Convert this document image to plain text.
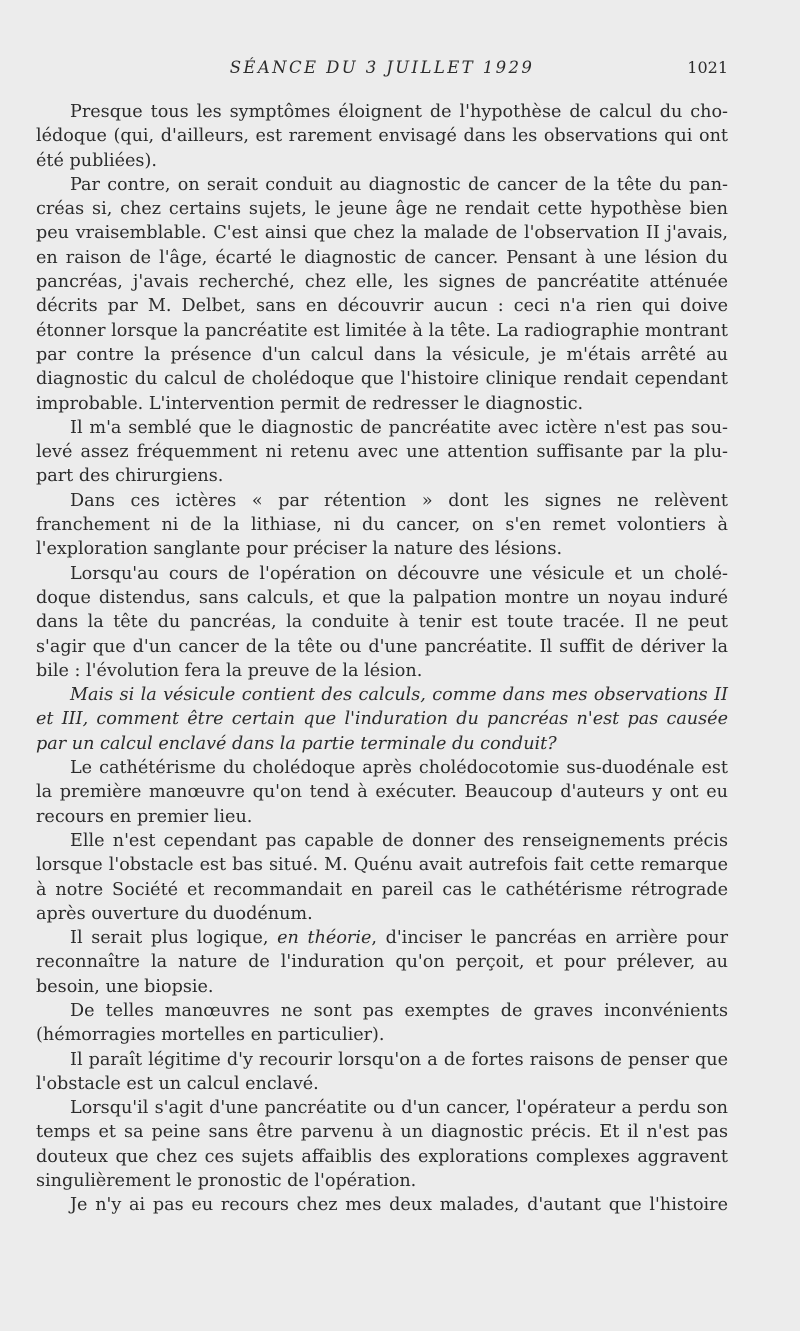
SÉANCE DU 3 JUILLET 1929	1021

Presque tous les symptômes éloignent de l'hypothèse de calcul du cholédoque (qui, d'ailleurs, est rarement envisagé dans les observations qui ont été publiées).

Par contre, on serait conduit au diagnostic de cancer de la tête du pancréas si, chez certains sujets, le jeune âge ne rendait cette hypothèse bien peu vraisemblable. C'est ainsi que chez la malade de l'observation II j'avais, en raison de l'âge, écarté le diagnostic de cancer. Pensant à une lésion du pancréas, j'avais recherché, chez elle, les signes de pancréatite atténuée décrits par M. Delbet, sans en découvrir aucun : ceci n'a rien qui doive étonner lorsque la pancréatite est limitée à la tête. La radiographie montrant par contre la présence d'un calcul dans la vésicule, je m'étais arrêté au diagnostic du calcul de cholédoque que l'histoire clinique rendait cependant improbable. L'intervention permit de redresser le diagnostic.

Il m'a semblé que le diagnostic de pancréatite avec ictère n'est pas soulevé assez fréquemment ni retenu avec une attention suffisante par la plupart des chirurgiens.

Dans ces ictères « par rétention » dont les signes ne relèvent franchement ni de la lithiase, ni du cancer, on s'en remet volontiers à l'exploration sanglante pour préciser la nature des lésions.

Lorsqu'au cours de l'opération on découvre une vésicule et un cholédoque distendus, sans calculs, et que la palpation montre un noyau induré dans la tête du pancréas, la conduite à tenir est toute tracée. Il ne peut s'agir que d'un cancer de la tête ou d'une pancréatite. Il suffit de dériver la bile : l'évolution fera la preuve de la lésion.

Mais si la vésicule contient des calculs, comme dans mes observations II et III, comment être certain que l'induration du pancréas n'est pas causée par un calcul enclavé dans la partie terminale du conduit?

Le cathétérisme du cholédoque après cholédocotomie sus-duodénale est la première manœuvre qu'on tend à exécuter. Beaucoup d'auteurs y ont eu recours en premier lieu.

Elle n'est cependant pas capable de donner des renseignements précis lorsque l'obstacle est bas situé. M. Quénu avait autrefois fait cette remarque à notre Société et recommandait en pareil cas le cathétérisme rétrograde après ouverture du duodénum.

Il serait plus logique, en théorie, d'inciser le pancréas en arrière pour reconnaître la nature de l'induration qu'on perçoit, et pour prélever, au besoin, une biopsie.

De telles manœuvres ne sont pas exemptes de graves inconvénients (hémorragies mortelles en particulier).

Il paraît légitime d'y recourir lorsqu'on a de fortes raisons de penser que l'obstacle est un calcul enclavé.

Lorsqu'il s'agit d'une pancréatite ou d'un cancer, l'opérateur a perdu son temps et sa peine sans être parvenu à un diagnostic précis. Et il n'est pas douteux que chez ces sujets affaiblis des explorations complexes aggravent singulièrement le pronostic de l'opération.

Je n'y ai pas eu recours chez mes deux malades, d'autant que l'histoire
